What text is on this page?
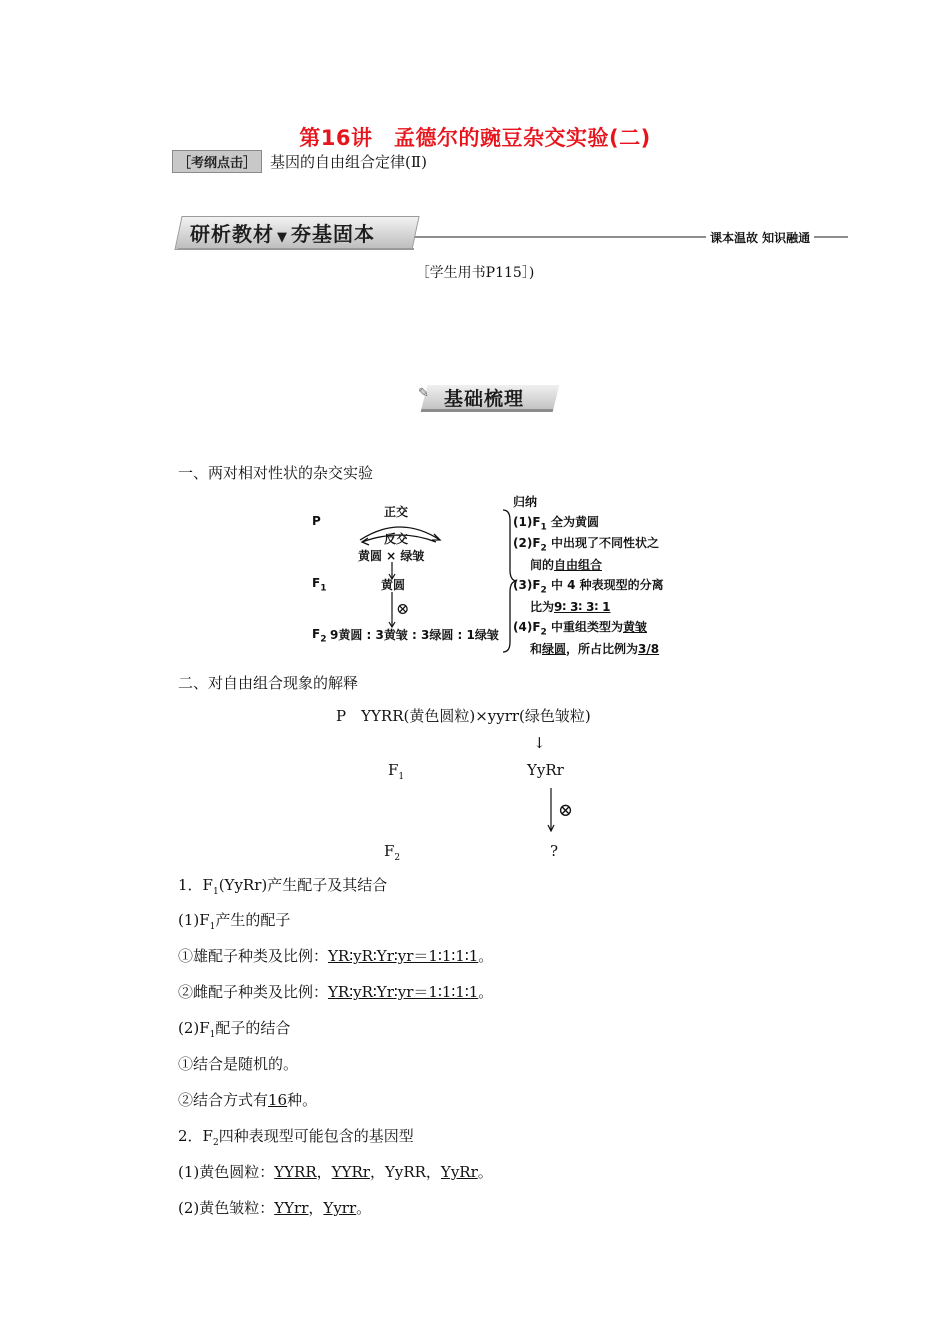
第16讲　孟德尔的豌豆杂交实验(二)
［考纲点击］ 基因的自由组合定律(Ⅱ)
研析教材 ▼ 夯基固本	课本温故 知识融通
［学生用书P115］)
✎ 基础梳理
一、两对相对性状的杂交实验
P
正交
反交
黄圆 × 绿皱
$F_1$	黄圆
⊗
$F_2$ 9黄圆 : 3黄皱 : 3绿圆 : 1绿皱
归纳
$(1)F_1$ 全为黄圆
$(2)F_2$ 中出现了不同性状之
间的自由组合
$(3)F_2$ 中 4 种表现型的分离
比为9∶ 3∶ 3∶ 1
$(4)F_2$ 中重组类型为黄皱
和绿圆，所占比例为3/8
二、对自由组合现象的解释
P　YYRR(黄色圆粒)×yyrr(绿色皱粒)
↓
$F_1$	YyRr
⊗
$F_2$	?
1．$F_1(YyRr)$产生配子及其结合
$(1)F_1$产生的配子
①雄配子种类及比例：YR∶yR∶Yr∶yr＝1∶1∶1∶1。
②雌配子种类及比例：YR∶yR∶Yr∶yr＝1∶1∶1∶1。
$(2)F_1$配子的结合
①结合是随机的。
②结合方式有16种。
2．$F_2$四种表现型可能包含的基因型
(1)黄色圆粒：YYRR，YYRr，YyRR，YyRr。
(2)黄色皱粒：YYrr，Yyrr。
